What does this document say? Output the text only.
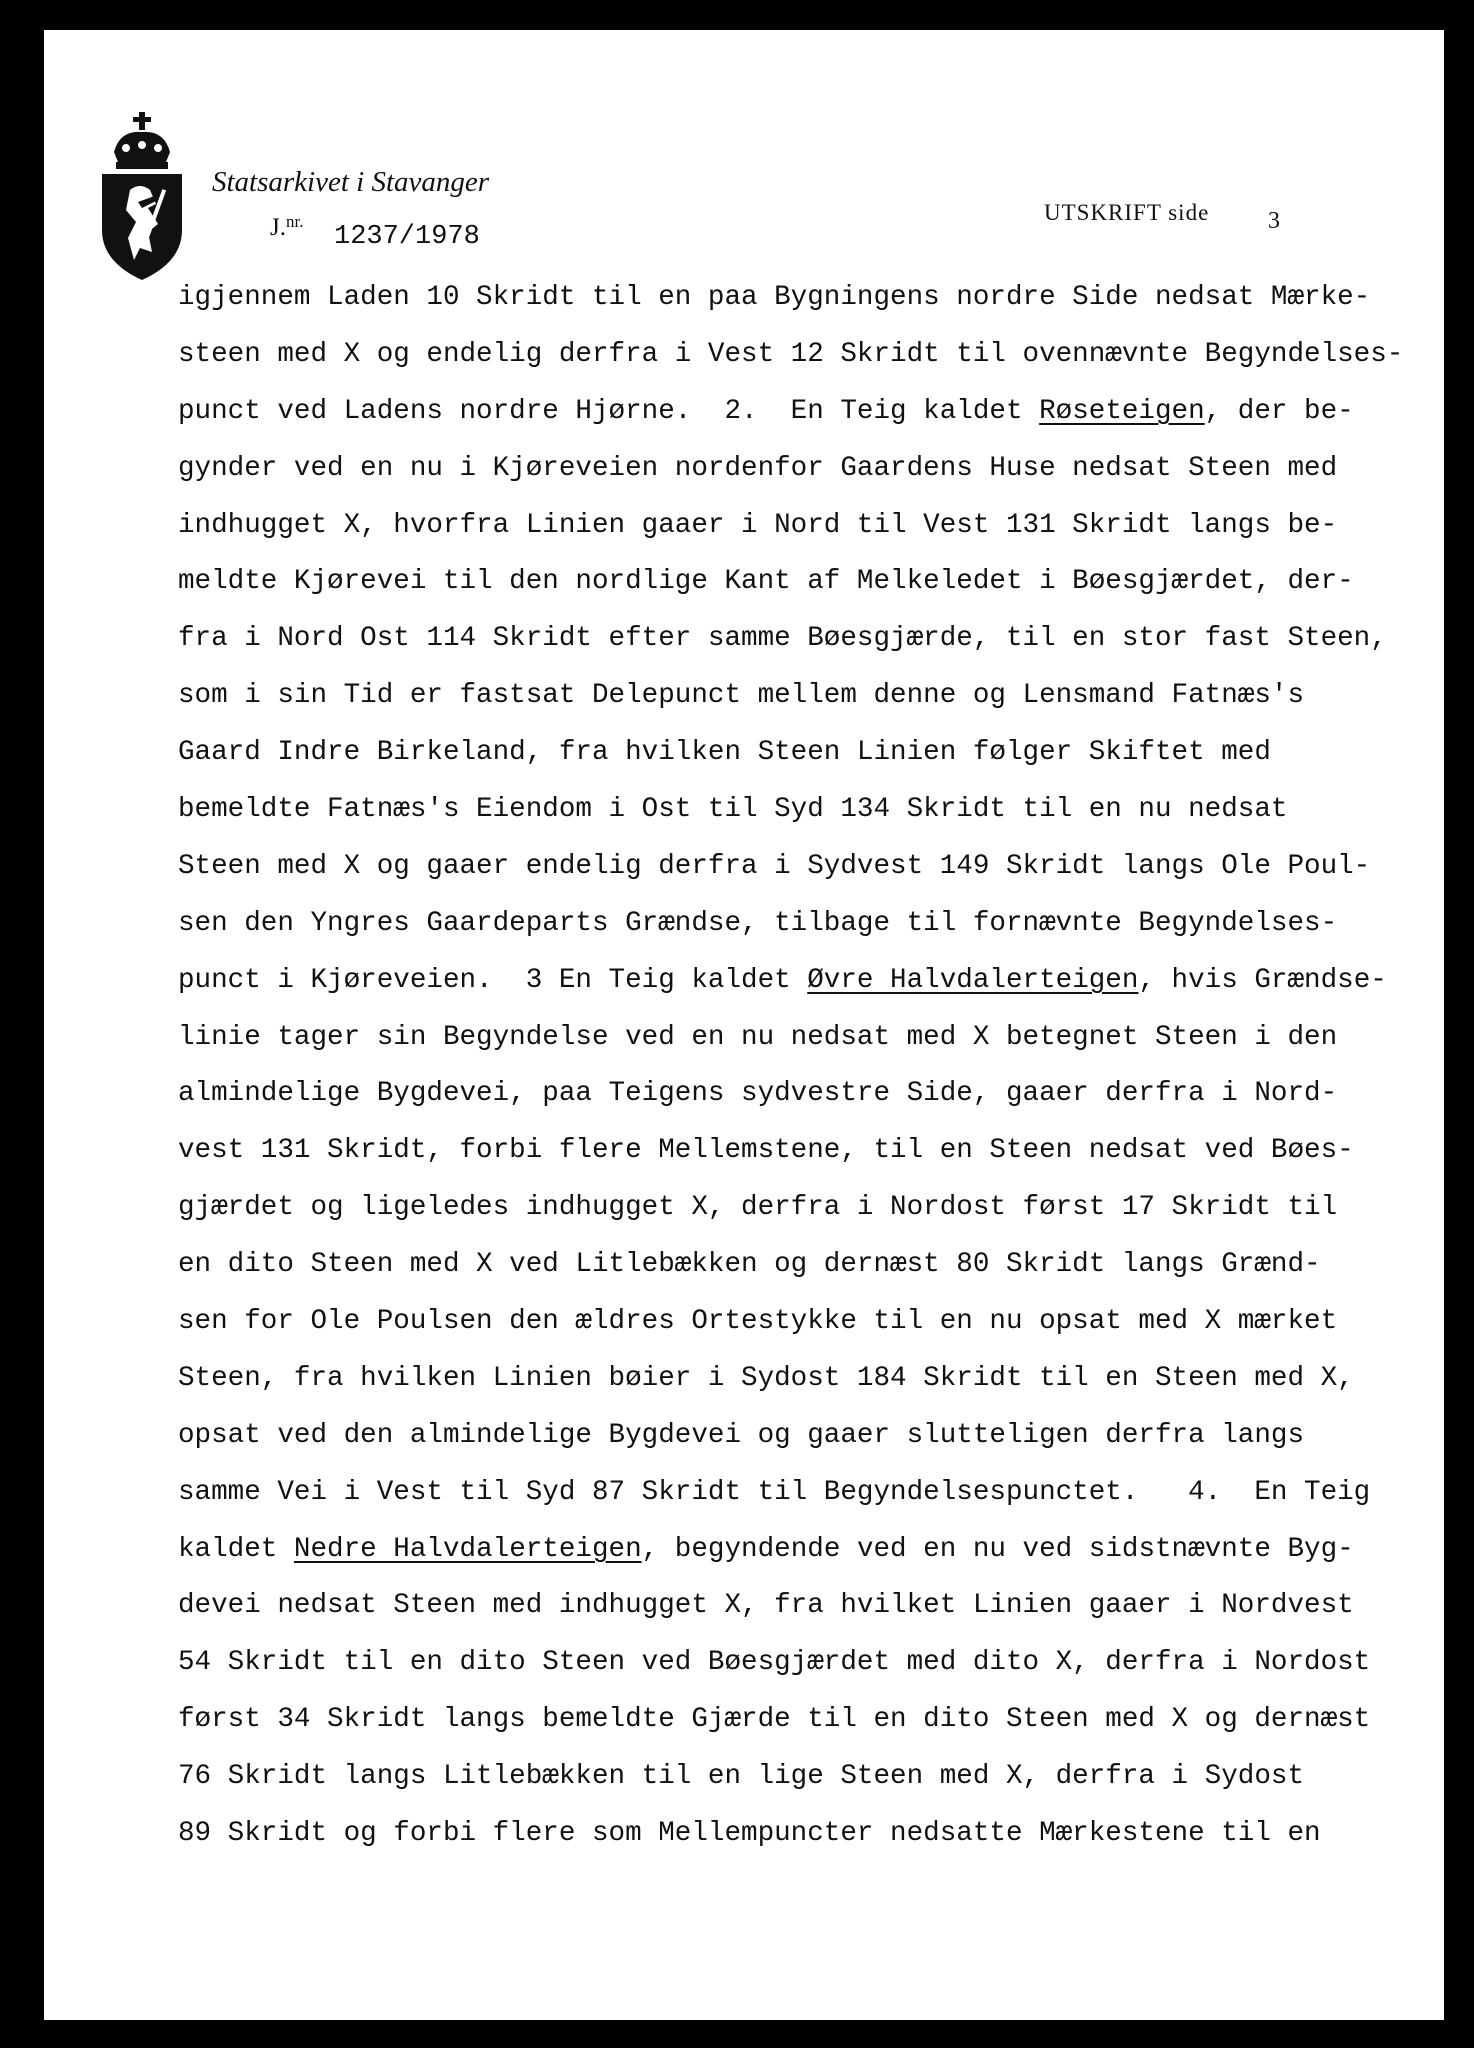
Statsarkivet i Stavanger
J.$^{nr.}$
1237/1978
UTSKRIFT side 3
igjennem Laden 10 Skridt til en paa Bygningens nordre Side nedsat Mærke-
steen med X og endelig derfra i Vest 12 Skridt til ovennævnte Begyndelses-
punct ved Ladens nordre Hjørne.  2.  En Teig kaldet Røseteigen, der be-
gynder ved en nu i Kjøreveien nordenfor Gaardens Huse nedsat Steen med
indhugget X, hvorfra Linien gaaer i Nord til Vest 131 Skridt langs be-
meldte Kjørevei til den nordlige Kant af Melkeledet i Bøesgjærdet, der-
fra i Nord Ost 114 Skridt efter samme Bøesgjærde, til en stor fast Steen,
som i sin Tid er fastsat Delepunct mellem denne og Lensmand Fatnæs's
Gaard Indre Birkeland, fra hvilken Steen Linien følger Skiftet med
bemeldte Fatnæs's Eiendom i Ost til Syd 134 Skridt til en nu nedsat
Steen med X og gaaer endelig derfra i Sydvest 149 Skridt langs Ole Poul-
sen den Yngres Gaardeparts Grændse, tilbage til fornævnte Begyndelses-
punct i Kjøreveien.  3 En Teig kaldet Øvre Halvdalerteigen, hvis Grændse-
linie tager sin Begyndelse ved en nu nedsat med X betegnet Steen i den
almindelige Bygdevei, paa Teigens sydvestre Side, gaaer derfra i Nord-
vest 131 Skridt, forbi flere Mellemstene, til en Steen nedsat ved Bøes-
gjærdet og ligeledes indhugget X, derfra i Nordost først 17 Skridt til
en dito Steen med X ved Litlebækken og dernæst 80 Skridt langs Grænd-
sen for Ole Poulsen den ældres Ortestykke til en nu opsat med X mærket
Steen, fra hvilken Linien bøier i Sydost 184 Skridt til en Steen med X,
opsat ved den almindelige Bygdevei og gaaer slutteligen derfra langs
samme Vei i Vest til Syd 87 Skridt til Begyndelsespunctet.   4.  En Teig
kaldet Nedre Halvdalerteigen, begyndende ved en nu ved sidstnævnte Byg-
devei nedsat Steen med indhugget X, fra hvilket Linien gaaer i Nordvest
54 Skridt til en dito Steen ved Bøesgjærdet med dito X, derfra i Nordost
først 34 Skridt langs bemeldte Gjærde til en dito Steen med X og dernæst
76 Skridt langs Litlebækken til en lige Steen med X, derfra i Sydost
89 Skridt og forbi flere som Mellempuncter nedsatte Mærkestene til en
